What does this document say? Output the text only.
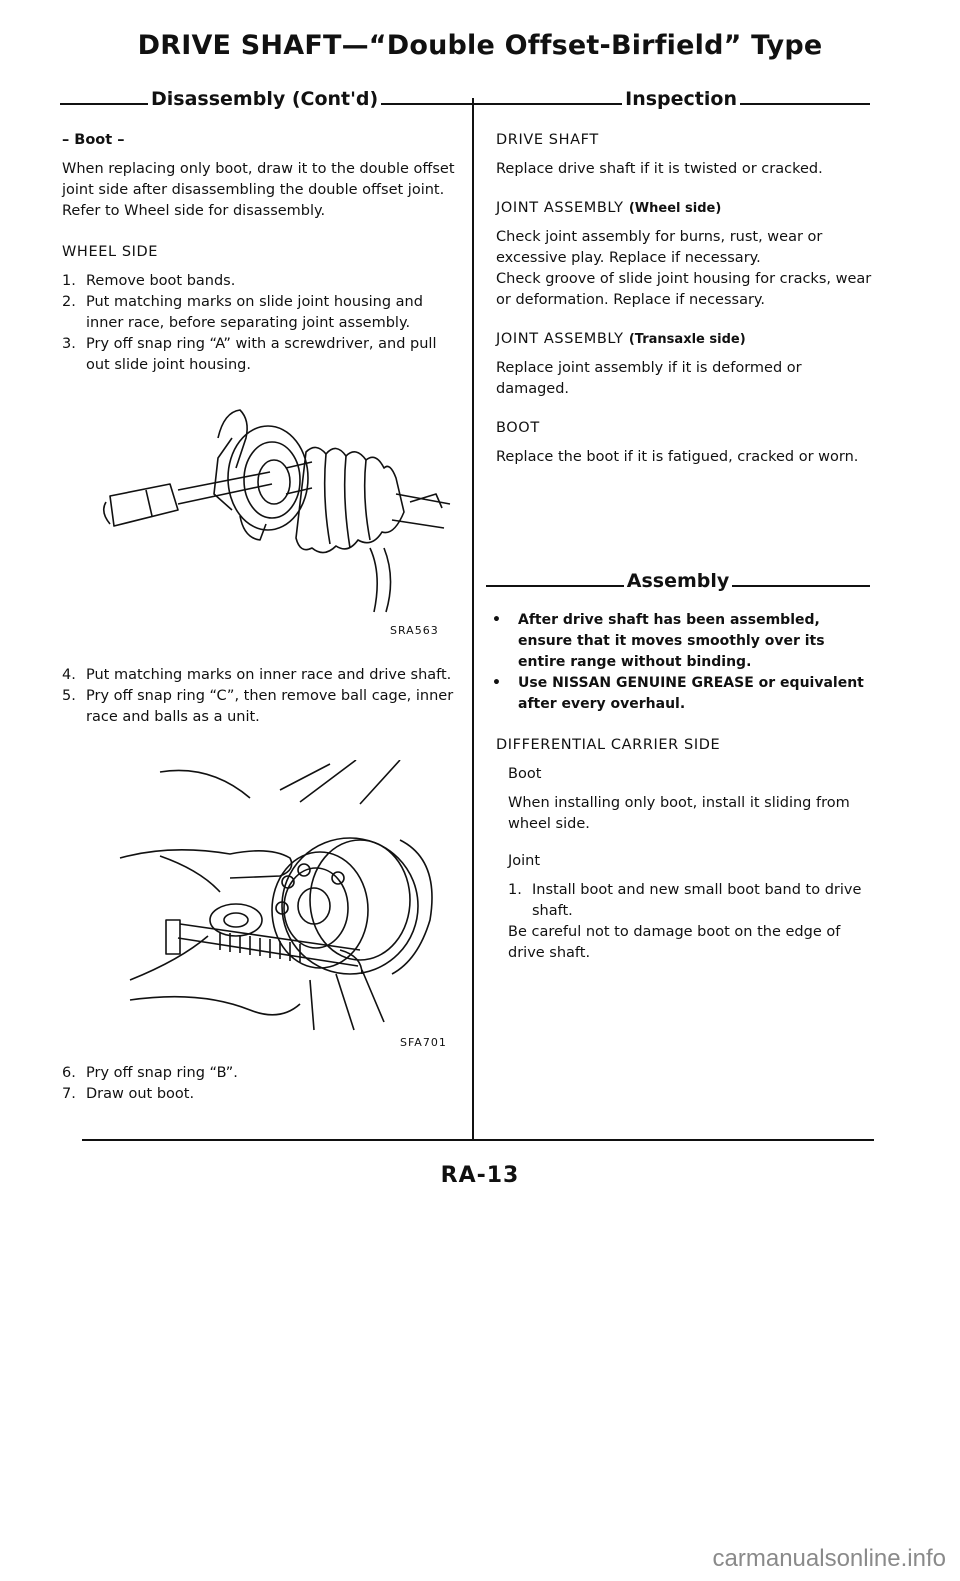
DRIVE SHAFT—“Double Offset-Birfield” Type
Disassembly (Cont'd)	Inspection

– Boot –

When replacing only boot, draw it to the double offset joint side after disassembling the double offset joint. Refer to Wheel side for disassembly.

WHEEL SIDE

1. Remove boot bands.
2. Put matching marks on slide joint housing and inner race, before separating joint assembly.
3. Pry off snap ring “A” with a screwdriver, and pull out slide joint housing.
SRA563
4. Put matching marks on inner race and drive shaft.
5. Pry off snap ring “C”, then remove ball cage, inner race and balls as a unit.
SFA701
6. Pry off snap ring “B”.
7. Draw out boot.

DRIVE SHAFT

Replace drive shaft if it is twisted or cracked.

JOINT ASSEMBLY (Wheel side)

Check joint assembly for burns, rust, wear or excessive play. Replace if necessary.

Check groove of slide joint housing for cracks, wear or deformation. Replace if necessary.

JOINT ASSEMBLY (Transaxle side)

Replace joint assembly if it is deformed or damaged.

BOOT

Replace the boot if it is fatigued, cracked or worn.

Assembly
•	After drive shaft has been assembled, ensure that it moves smoothly over its entire range without binding.
•	Use NISSAN GENUINE GREASE or equivalent after every overhaul.

DIFFERENTIAL CARRIER SIDE

Boot

When installing only boot, install it sliding from wheel side.

Joint

1. Install boot and new small boot band to drive shaft.

Be careful not to damage boot on the edge of drive shaft.

RA-13
carmanualsonline.info
